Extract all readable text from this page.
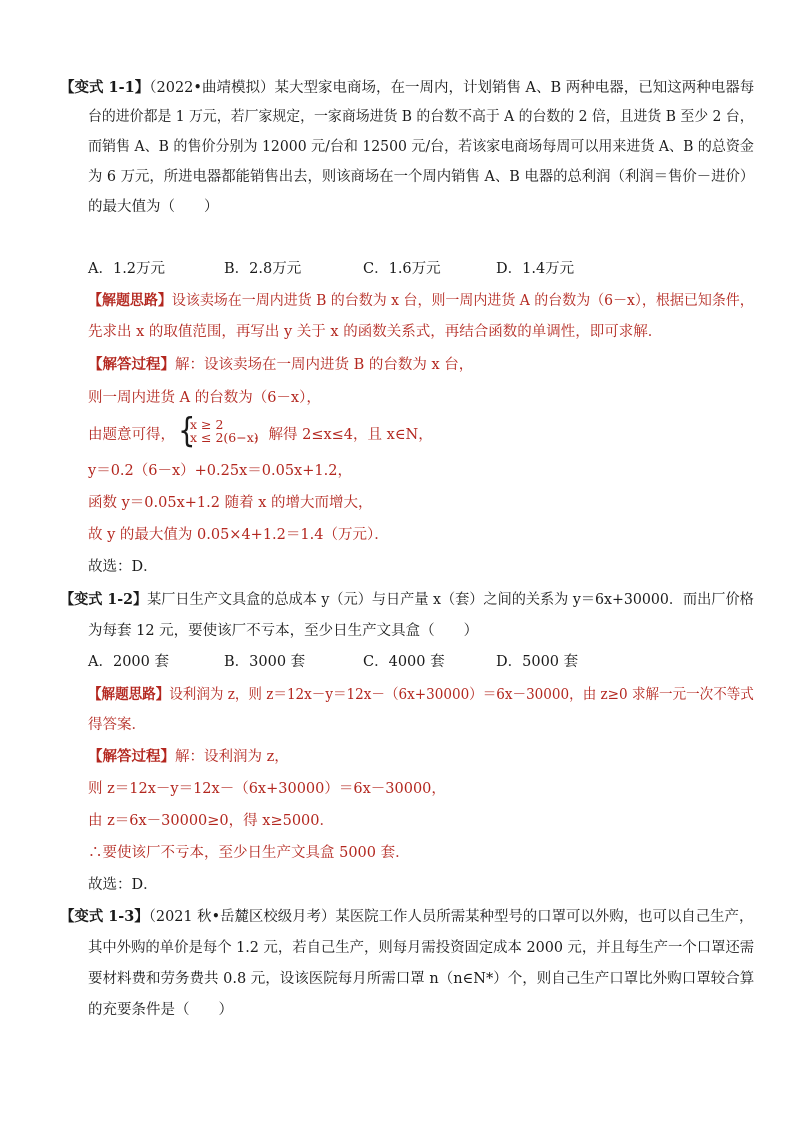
【变式 1-1】（2022•曲靖模拟）某大型家电商场，在一周内，计划销售 A、B 两种电器，已知这两种电器每
台的进价都是 1 万元，若厂家规定，一家商场进货 B 的台数不高于 A 的台数的 2 倍，且进货 B 至少 2 台，
而销售 A、B 的售价分别为 12000 元/台和 12500 元/台，若该家电商场每周可以用来进货 A、B 的总资金
为 6 万元，所进电器都能销售出去，则该商场在一个周内销售 A、B 电器的总利润（利润＝售价－进价）
的最大值为（　　）
A．1.2万元	B．2.8万元	C．1.6万元	D．1.4万元
【解题思路】设该卖场在一周内进货 B 的台数为 x 台，则一周内进货 A 的台数为（6－x），根据已知条件，
先求出 x 的取值范围，再写出 y 关于 x 的函数关系式，再结合函数的单调性，即可求解．
【解答过程】解：设该卖场在一周内进货 B 的台数为 x 台，
则一周内进货 A 的台数为（6－x），
由题意可得， {
x ≥ 2
x ≤ 2(6−x)
，解得 2≤x≤4，且 x∈N，
y＝0.2（6－x）+0.25x＝0.05x+1.2，
函数 y＝0.05x+1.2 随着 x 的增大而增大，
故 y 的最大值为 0.05×4+1.2＝1.4（万元）．
故选：D．
【变式 1-2】某厂日生产文具盒的总成本 y（元）与日产量 x（套）之间的关系为 y＝6x+30000．而出厂价格
为每套 12 元，要使该厂不亏本，至少日生产文具盒（　　）
A．2000 套	B．3000 套	C．4000 套	D．5000 套
【解题思路】设利润为 z，则 z＝12x－y＝12x－（6x+30000）＝6x－30000，由 z≥0 求解一元一次不等式
得答案．
【解答过程】解：设利润为 z，
则 z＝12x－y＝12x－（6x+30000）＝6x－30000，
由 z＝6x－30000≥0，得 x≥5000．
∴要使该厂不亏本，至少日生产文具盒 5000 套．
故选：D．
【变式 1-3】（2021 秋•岳麓区校级月考）某医院工作人员所需某种型号的口罩可以外购，也可以自己生产，
其中外购的单价是每个 1.2 元，若自己生产，则每月需投资固定成本 2000 元，并且每生产一个口罩还需
要材料费和劳务费共 0.8 元，设该医院每月所需口罩 n（n∈N*）个，则自己生产口罩比外购口罩较合算
的充要条件是（　　）
